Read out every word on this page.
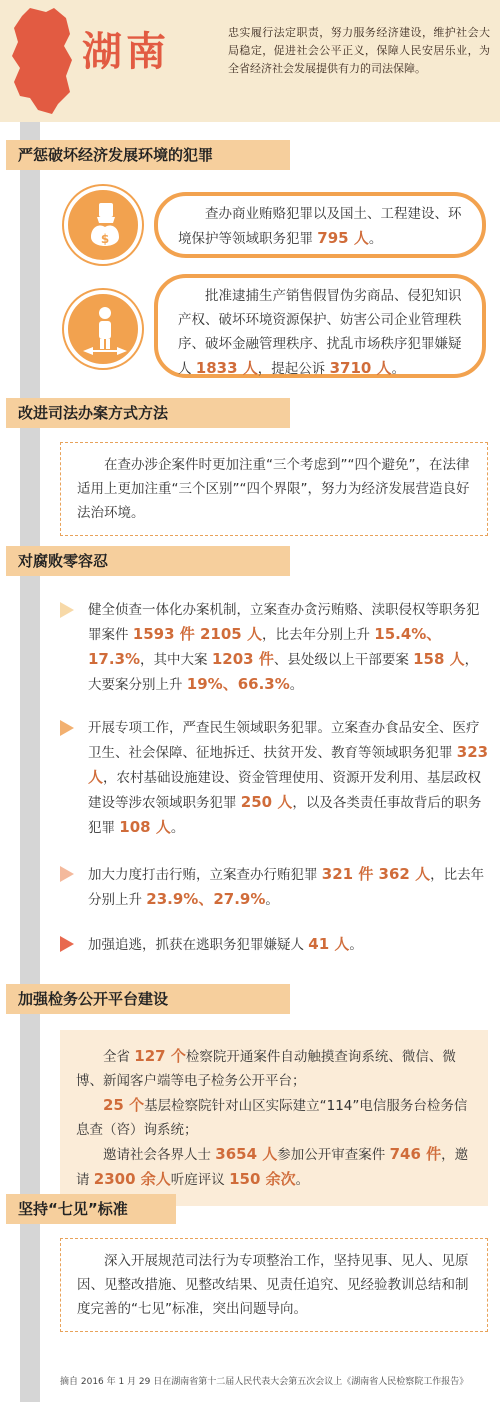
湖南	忠实履行法定职责，努力服务经济建设，维护社会大局稳定，促进社会公平正义，保障人民安居乐业，为全省经济社会发展提供有力的司法保障。
严惩破坏经济发展环境的犯罪
$
查办商业贿赂犯罪以及国土、工程建设、环境保护等领域职务犯罪 795 人。
批准逮捕生产销售假冒伪劣商品、侵犯知识产权、破坏环境资源保护、妨害公司企业管理秩序、破坏金融管理秩序、扰乱市场秩序犯罪嫌疑人 1833 人，提起公诉 3710 人。
改进司法办案方式方法
在查办涉企案件时更加注重“三个考虑到”“四个避免”，在法律适用上更加注重“三个区别”“四个界限”，努力为经济发展营造良好法治环境。
对腐败零容忍
健全侦查一体化办案机制，立案查办贪污贿赂、渎职侵权等职务犯罪案件 1593 件 2105 人，比去年分别上升 15.4%、17.3%，其中大案 1203 件、县处级以上干部要案 158 人，大要案分别上升 19%、66.3%。
开展专项工作，严查民生领域职务犯罪。立案查办食品安全、医疗卫生、社会保障、征地拆迁、扶贫开发、教育等领域职务犯罪 323 人，农村基础设施建设、资金管理使用、资源开发利用、基层政权建设等涉农领域职务犯罪 250 人，以及各类责任事故背后的职务犯罪 108 人。
加大力度打击行贿，立案查办行贿犯罪 321 件 362 人，比去年分别上升 23.9%、27.9%。
加强追逃，抓获在逃职务犯罪嫌疑人 41 人。
加强检务公开平台建设
全省 127 个检察院开通案件自动触摸查询系统、微信、微博、新闻客户端等电子检务公开平台；
25 个基层检察院针对山区实际建立“114”电信服务台检务信息查（咨）询系统；
邀请社会各界人士 3654 人参加公开审查案件 746 件，邀请 2300 余人听庭评议 150 余次。
坚持“七见”标准
深入开展规范司法行为专项整治工作，坚持见事、见人、见原因、见整改措施、见整改结果、见责任追究、见经验教训总结和制度完善的“七见”标准，突出问题导向。
摘自 2016 年 1 月 29 日在湖南省第十二届人民代表大会第五次会议上《湖南省人民检察院工作报告》
